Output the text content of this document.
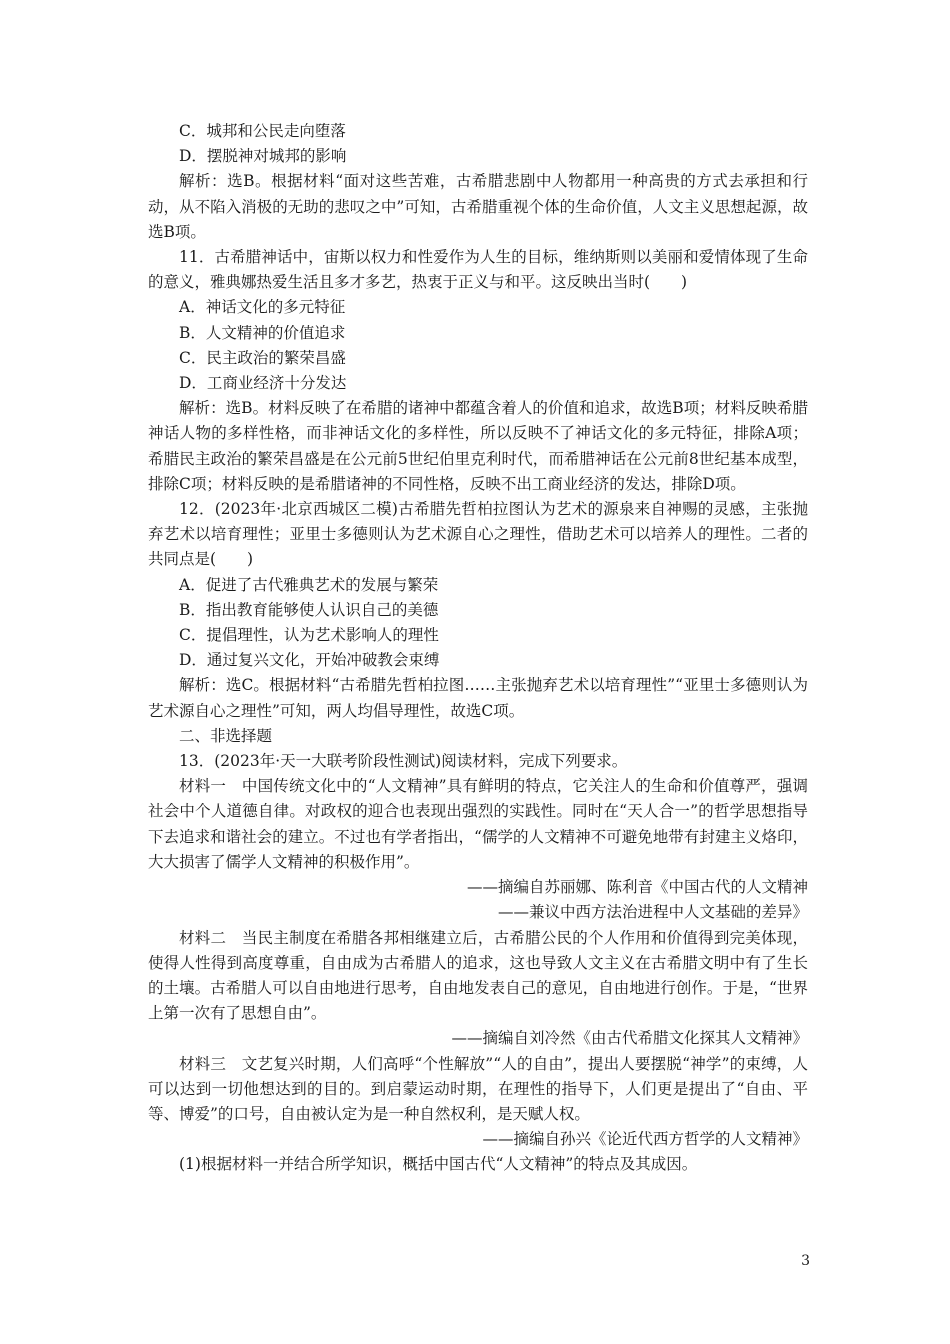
C．城邦和公民走向堕落

D．摆脱神对城邦的影响

解析：选B。根据材料“面对这些苦难，古希腊悲剧中人物都用一种高贵的方式去承担和行动，从不陷入消极的无助的悲叹之中”可知，古希腊重视个体的生命价值，人文主义思想起源，故选B项。

11．古希腊神话中，宙斯以权力和性爱作为人生的目标，维纳斯则以美丽和爱情体现了生命的意义，雅典娜热爱生活且多才多艺，热衷于正义与和平。这反映出当时(　　)

A．神话文化的多元特征

B．人文精神的价值追求

C．民主政治的繁荣昌盛

D．工商业经济十分发达

解析：选B。材料反映了在希腊的诸神中都蕴含着人的价值和追求，故选B项；材料反映希腊神话人物的多样性格，而非神话文化的多样性，所以反映不了神话文化的多元特征，排除A项；希腊民主政治的繁荣昌盛是在公元前5世纪伯里克利时代，而希腊神话在公元前8世纪基本成型，排除C项；材料反映的是希腊诸神的不同性格，反映不出工商业经济的发达，排除D项。

12．(2023年·北京西城区二模)古希腊先哲柏拉图认为艺术的源泉来自神赐的灵感，主张抛弃艺术以培育理性；亚里士多德则认为艺术源自心之理性，借助艺术可以培养人的理性。二者的共同点是(　　)

A．促进了古代雅典艺术的发展与繁荣

B．指出教育能够使人认识自己的美德

C．提倡理性，认为艺术影响人的理性

D．通过复兴文化，开始冲破教会束缚

解析：选C。根据材料“古希腊先哲柏拉图……主张抛弃艺术以培育理性”“亚里士多德则认为艺术源自心之理性”可知，两人均倡导理性，故选C项。

二、非选择题

13．(2023年·天一大联考阶段性测试)阅读材料，完成下列要求。

材料一　中国传统文化中的“人文精神”具有鲜明的特点，它关注人的生命和价值尊严，强调社会中个人道德自律。对政权的迎合也表现出强烈的实践性。同时在“天人合一”的哲学思想指导下去追求和谐社会的建立。不过也有学者指出，“儒学的人文精神不可避免地带有封建主义烙印，大大损害了儒学人文精神的积极作用”。

——摘编自苏丽娜、陈利音《中国古代的人文精神

——兼议中西方法治进程中人文基础的差异》

材料二　当民主制度在希腊各邦相继建立后，古希腊公民的个人作用和价值得到完美体现，使得人性得到高度尊重，自由成为古希腊人的追求，这也导致人文主义在古希腊文明中有了生长的土壤。古希腊人可以自由地进行思考，自由地发表自己的意见，自由地进行创作。于是，“世界上第一次有了思想自由”。

——摘编自刘冷然《由古代希腊文化探其人文精神》

材料三　文艺复兴时期，人们高呼“个性解放”“人的自由”，提出人要摆脱“神学”的束缚，人可以达到一切他想达到的目的。到启蒙运动时期，在理性的指导下，人们更是提出了“自由、平等、博爱”的口号，自由被认定为是一种自然权利，是天赋人权。

——摘编自孙兴《论近代西方哲学的人文精神》

(1)根据材料一并结合所学知识，概括中国古代“人文精神”的特点及其成因。

3
